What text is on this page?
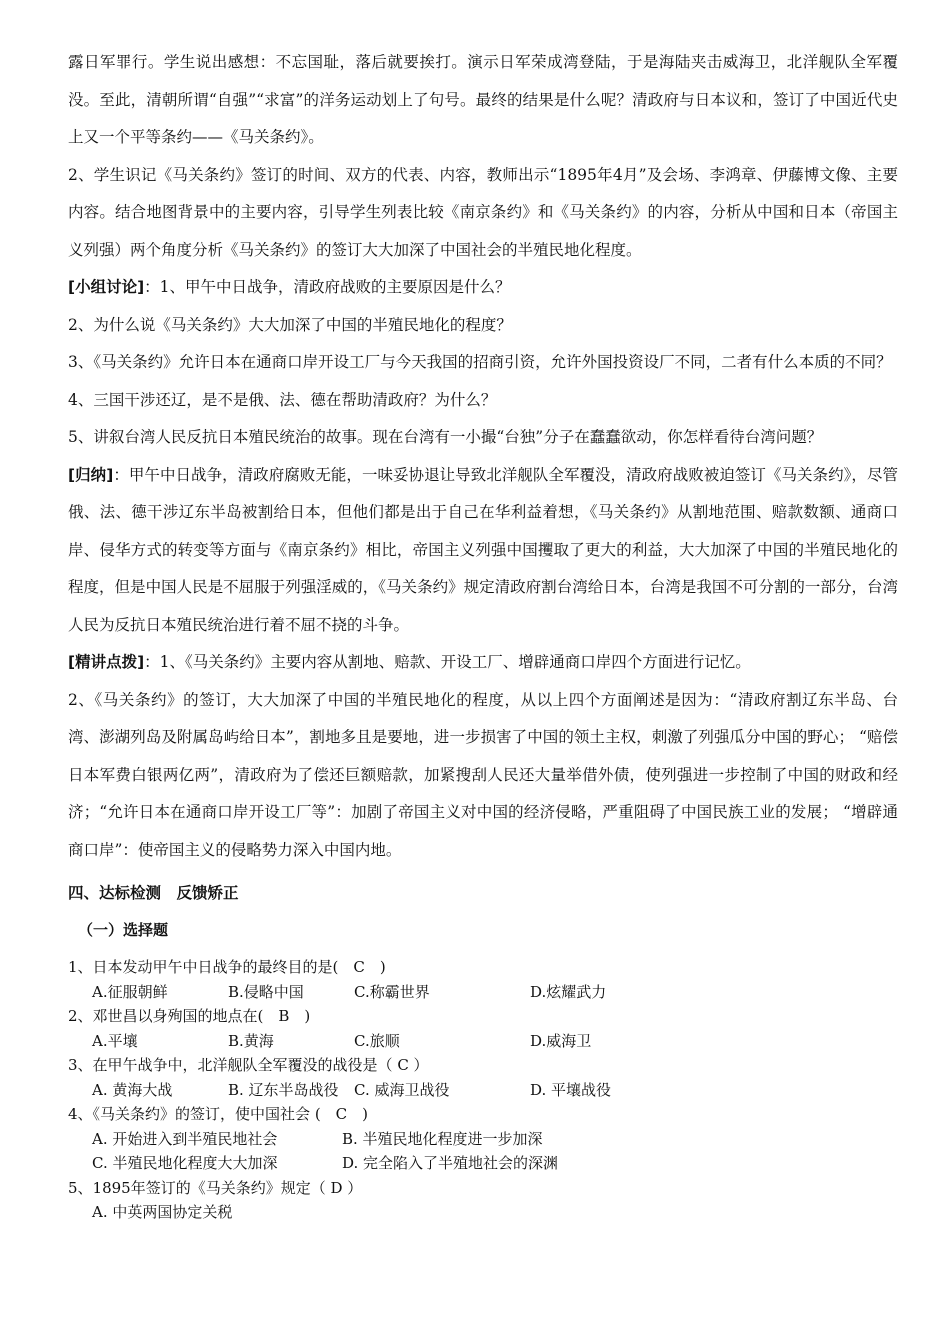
露日军罪行。学生说出感想：不忘国耻，落后就要挨打。演示日军荣成湾登陆，于是海陆夹击威海卫，北洋舰队全军覆没。至此，清朝所谓“自强”“求富”的洋务运动划上了句号。最终的结果是什么呢？清政府与日本议和，签订了中国近代史上又一个平等条约——《马关条约》。

2、学生识记《马关条约》签订的时间、双方的代表、内容，教师出示“1895年4月”及会场、李鸿章、伊藤博文像、主要内容。结合地图背景中的主要内容，引导学生列表比较《南京条约》和《马关条约》的内容，分析从中国和日本（帝国主义列强）两个角度分析《马关条约》的签订大大加深了中国社会的半殖民地化程度。

[小组讨论]：1、甲午中日战争，清政府战败的主要原因是什么？

2、为什么说《马关条约》大大加深了中国的半殖民地化的程度？

3、《马关条约》允许日本在通商口岸开设工厂与今天我国的招商引资，允许外国投资设厂不同，二者有什么本质的不同？

4、三国干涉还辽，是不是俄、法、德在帮助清政府？为什么？

5、讲叙台湾人民反抗日本殖民统治的故事。现在台湾有一小撮“台独”分子在蠢蠢欲动，你怎样看待台湾问题？

[归纳]：甲午中日战争，清政府腐败无能，一味妥协退让导致北洋舰队全军覆没，清政府战败被迫签订《马关条约》，尽管俄、法、德干涉辽东半岛被割给日本，但他们都是出于自己在华利益着想，《马关条约》从割地范围、赔款数额、通商口岸、侵华方式的转变等方面与《南京条约》相比，帝国主义列强中国攫取了更大的利益，大大加深了中国的半殖民地化的程度，但是中国人民是不屈服于列强淫威的，《马关条约》规定清政府割台湾给日本，台湾是我国不可分割的一部分，台湾人民为反抗日本殖民统治进行着不屈不挠的斗争。

[精讲点拨]：1、《马关条约》主要内容从割地、赔款、开设工厂、增辟通商口岸四个方面进行记忆。

2、《马关条约》的签订，大大加深了中国的半殖民地化的程度，从以上四个方面阐述是因为：“清政府割辽东半岛、台湾、澎湖列岛及附属岛屿给日本”，割地多且是要地，进一步损害了中国的领土主权，刺激了列强瓜分中国的野心； “赔偿日本军费白银两亿两”，清政府为了偿还巨额赔款，加紧搜刮人民还大量举借外债，使列强进一步控制了中国的财政和经济；“允许日本在通商口岸开设工厂等”：加剧了帝国主义对中国的经济侵略，严重阻碍了中国民族工业的发展； “增辟通商口岸”：使帝国主义的侵略势力深入中国内地。

四、达标检测　反馈矫正

（一）选择题

1、日本发动甲午中日战争的最终目的是(　C　)

A.征服朝鲜	B.侵略中国	C.称霸世界	D.炫耀武力

2、邓世昌以身殉国的地点在(　B　)

A.平壤	B.黄海	C.旅顺	D.威海卫

3、在甲午战争中，北洋舰队全军覆没的战役是（ C ）

A. 黄海大战	B. 辽东半岛战役	C. 威海卫战役	D. 平壤战役

4、《马关条约》的签订，使中国社会 (　C　)

A. 开始进入到半殖民地社会	B. 半殖民地化程度进一步加深
C. 半殖民地化程度大大加深	D. 完全陷入了半殖地社会的深渊

5、1895年签订的《马关条约》规定（ D ）

A. 中英两国协定关税
